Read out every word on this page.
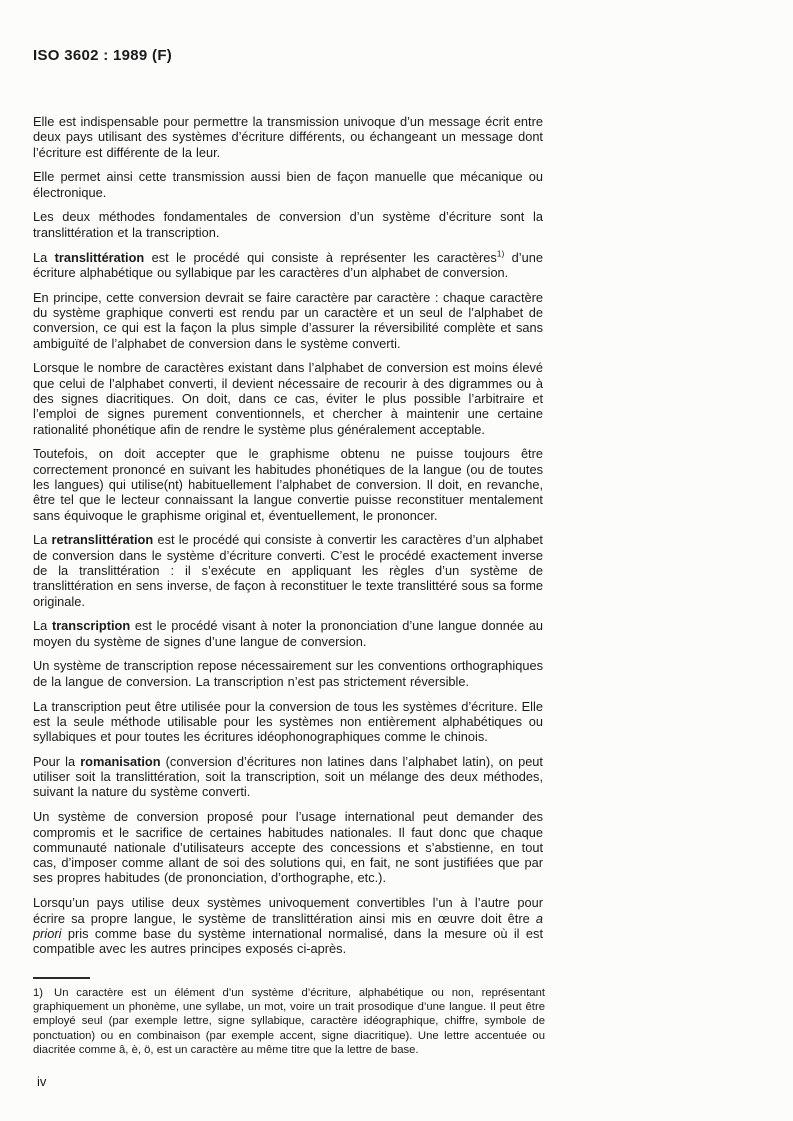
ISO 3602 : 1989 (F)

Elle est indispensable pour permettre la transmission univoque d’un message écrit entre deux pays utilisant des systèmes d’écriture différents, ou échangeant un message dont l’écriture est différente de la leur.

Elle permet ainsi cette transmission aussi bien de façon manuelle que mécanique ou électronique.

Les deux méthodes fondamentales de conversion d’un système d’écriture sont la translittération et la transcription.

La translittération est le procédé qui consiste à représenter les caractères$^{1)}$ d’une écriture alphabétique ou syllabique par les caractères d’un alphabet de conversion.

En principe, cette conversion devrait se faire caractère par caractère : chaque caractère du système graphique converti est rendu par un caractère et un seul de l’alphabet de conversion, ce qui est la façon la plus simple d’assurer la réversibilité complète et sans ambiguïté de l’alphabet de conversion dans le système converti.

Lorsque le nombre de caractères existant dans l’alphabet de conversion est moins élevé que celui de l’alphabet converti, il devient nécessaire de recourir à des digrammes ou à des signes diacritiques. On doit, dans ce cas, éviter le plus possible l’arbitraire et l’emploi de signes purement conventionnels, et chercher à maintenir une certaine rationalité phonétique afin de rendre le système plus généralement acceptable.

Toutefois, on doit accepter que le graphisme obtenu ne puisse toujours être correctement prononcé en suivant les habitudes phonétiques de la langue (ou de toutes les langues) qui utilise(nt) habituellement l’alphabet de conversion. Il doit, en revanche, être tel que le lecteur connaissant la langue convertie puisse reconstituer mentalement sans équivoque le graphisme original et, éventuellement, le prononcer.

La retranslittération est le procédé qui consiste à convertir les caractères d’un alphabet de conversion dans le système d’écriture converti. C’est le procédé exactement inverse de la translittération : il s’exécute en appliquant les règles d’un système de translittération en sens inverse, de façon à reconstituer le texte translittéré sous sa forme originale.

La transcription est le procédé visant à noter la prononciation d’une langue donnée au moyen du système de signes d’une langue de conversion.

Un système de transcription repose nécessairement sur les conventions orthographiques de la langue de conversion. La transcription n’est pas strictement réversible.

La transcription peut être utilisée pour la conversion de tous les systèmes d’écriture. Elle est la seule méthode utilisable pour les systèmes non entièrement alphabétiques ou syllabiques et pour toutes les écritures idéophonographiques comme le chinois.

Pour la romanisation (conversion d’écritures non latines dans l’alphabet latin), on peut utiliser soit la translittération, soit la transcription, soit un mélange des deux méthodes, suivant la nature du système converti.

Un système de conversion proposé pour l’usage international peut demander des compromis et le sacrifice de certaines habitudes nationales. Il faut donc que chaque communauté nationale d’utilisateurs accepte des concessions et s’abstienne, en tout cas, d’imposer comme allant de soi des solutions qui, en fait, ne sont justifiées que par ses propres habitudes (de prononciation, d’orthographe, etc.).

Lorsqu’un pays utilise deux systèmes univoquement convertibles l’un à l’autre pour écrire sa propre langue, le système de translittération ainsi mis en œuvre doit être a priori pris comme base du système international normalisé, dans la mesure où il est compatible avec les autres principes exposés ci-après.

1) Un caractère est un élément d’un système d’écriture, alphabétique ou non, représentant graphiquement un phonème, une syllabe, un mot, voire un trait prosodique d’une langue. Il peut être employé seul (par exemple lettre, signe syllabique, caractère idéographique, chiffre, symbole de ponctuation) ou en combinaison (par exemple accent, signe diacritique). Une lettre accentuée ou diacritée comme â, è, ö, est un caractère au même titre que la lettre de base.
iv
